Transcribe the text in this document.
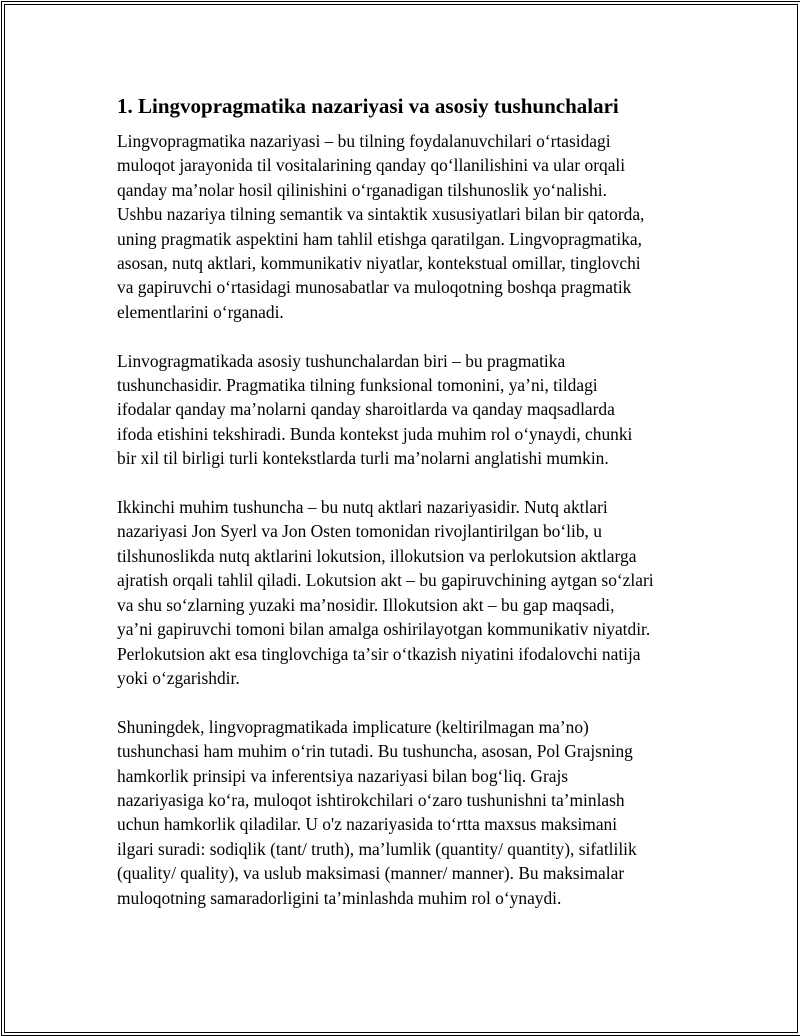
1. Lingvopragmatika nazariyasi va asosiy tushunchalari

Lingvopragmatika nazariyasi – bu tilning foydalanuvchilari oʻrtasidagi
muloqot jarayonida til vositalarining qanday qoʻllanilishini va ular orqali
qanday maʼnolar hosil qilinishini oʻrganadigan tilshunoslik yoʻnalishi.
Ushbu nazariya tilning semantik va sintaktik xususiyatlari bilan bir qatorda,
uning pragmatik aspektini ham tahlil etishga qaratilgan. Lingvopragmatika,
asosan, nutq aktlari, kommunikativ niyatlar, kontekstual omillar, tinglovchi
va gapiruvchi oʻrtasidagi munosabatlar va muloqotning boshqa pragmatik
elementlarini oʻrganadi.

Linvogragmatikada asosiy tushunchalardan biri – bu pragmatika
tushunchasidir. Pragmatika tilning funksional tomonini, yaʼni, tildagi
ifodalar qanday maʼnolarni qanday sharoitlarda va qanday maqsadlarda
ifoda etishini tekshiradi. Bunda kontekst juda muhim rol oʻynaydi, chunki
bir xil til birligi turli kontekstlarda turli maʼnolarni anglatishi mumkin.

Ikkinchi muhim tushuncha – bu nutq aktlari nazariyasidir. Nutq aktlari
nazariyasi Jon Syerl va Jon Osten tomonidan rivojlantirilgan boʻlib, u
tilshunoslikda nutq aktlarini lokutsion, illokutsion va perlokutsion aktlarga
ajratish orqali tahlil qiladi. Lokutsion akt – bu gapiruvchining aytgan soʻzlari
va shu soʻzlarning yuzaki maʼnosidir. Illokutsion akt – bu gap maqsadi,
yaʼni gapiruvchi tomoni bilan amalga oshirilayotgan kommunikativ niyatdir.
Perlokutsion akt esa tinglovchiga taʼsir oʻtkazish niyatini ifodalovchi natija
yoki oʻzgarishdir.

Shuningdek, lingvopragmatikada implicature (keltirilmagan maʼno)
tushunchasi ham muhim oʻrin tutadi. Bu tushuncha, asosan, Pol Grajsning
hamkorlik prinsipi va inferentsiya nazariyasi bilan bogʻliq. Grajs
nazariyasiga koʻra, muloqot ishtirokchilari oʻzaro tushunishni taʼminlash
uchun hamkorlik qiladilar. U o'z nazariyasida toʻrtta maxsus maksimani
ilgari suradi: sodiqlik (tant/ truth), maʼlumlik (quantity/ quantity), sifatlilik
(quality/ quality), va uslub maksimasi (manner/ manner). Bu maksimalar
muloqotning samaradorligini taʼminlashda muhim rol oʻynaydi.
